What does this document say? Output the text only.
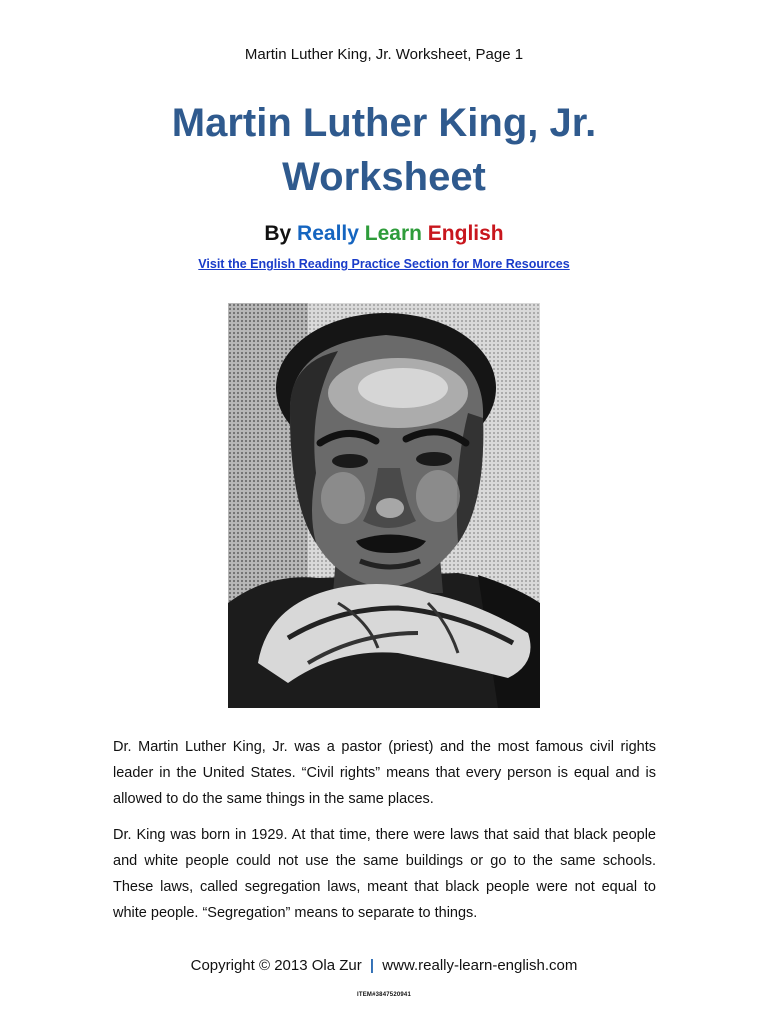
Martin Luther King, Jr. Worksheet, Page 1
Martin Luther King, Jr.
Worksheet
By Really Learn English
Visit the English Reading Practice Section for More Resources

Dr. Martin Luther King, Jr. was a pastor (priest) and the most famous civil rights leader in the United States. “Civil rights” means that every person is equal and is allowed to do the same things in the same places.

Dr. King was born in 1929. At that time, there were laws that said that black people and white people could not use the same buildings or go to the same schools. These laws, called segregation laws, meant that black people were not equal to white people. “Segregation” means to separate to things.

Copyright © 2013 Ola Zur | www.really-learn-english.com
ITEM#3847520941
